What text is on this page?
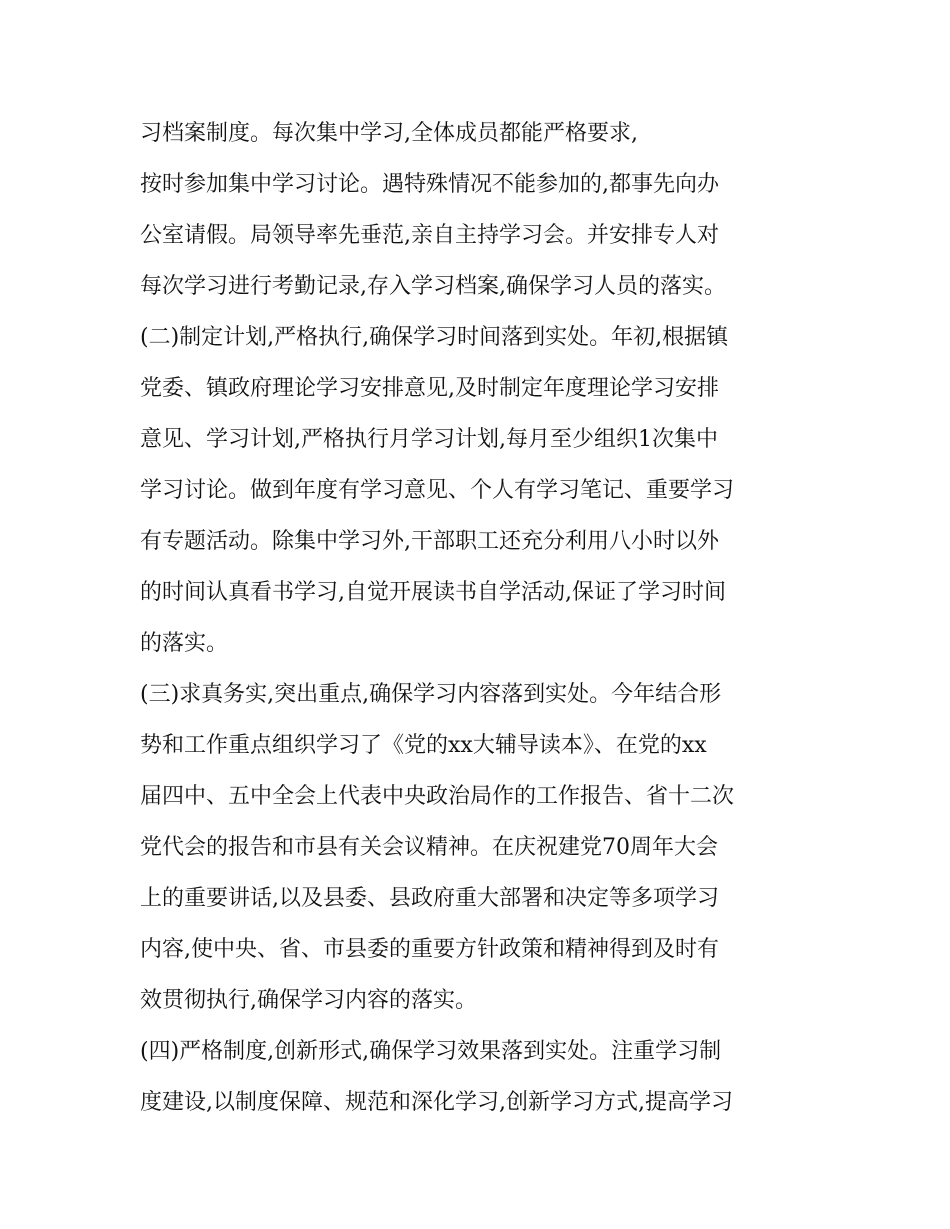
习档案制度。每次集中学习,全体成员都能严格要求,
按时参加集中学习讨论。遇特殊情况不能参加的,都事先向办
公室请假。局领导率先垂范,亲自主持学习会。并安排专人对
每次学习进行考勤记录,存入学习档案,确保学习人员的落实。
(二)制定计划,严格执行,确保学习时间落到实处。年初,根据镇
党委、镇政府理论学习安排意见,及时制定年度理论学习安排
意见、学习计划,严格执行月学习计划,每月至少组织1次集中
学习讨论。做到年度有学习意见、个人有学习笔记、重要学习
有专题活动。除集中学习外,干部职工还充分利用八小时以外
的时间认真看书学习,自觉开展读书自学活动,保证了学习时间
的落实。
(三)求真务实,突出重点,确保学习内容落到实处。今年结合形
势和工作重点组织学习了《党的xx大辅导读本》、在党的xx
届四中、五中全会上代表中央政治局作的工作报告、省十二次
党代会的报告和市县有关会议精神。在庆祝建党70周年大会
上的重要讲话,以及县委、县政府重大部署和决定等多项学习
内容,使中央、省、市县委的重要方针政策和精神得到及时有
效贯彻执行,确保学习内容的落实。
(四)严格制度,创新形式,确保学习效果落到实处。注重学习制
度建设,以制度保障、规范和深化学习,创新学习方式,提高学习
